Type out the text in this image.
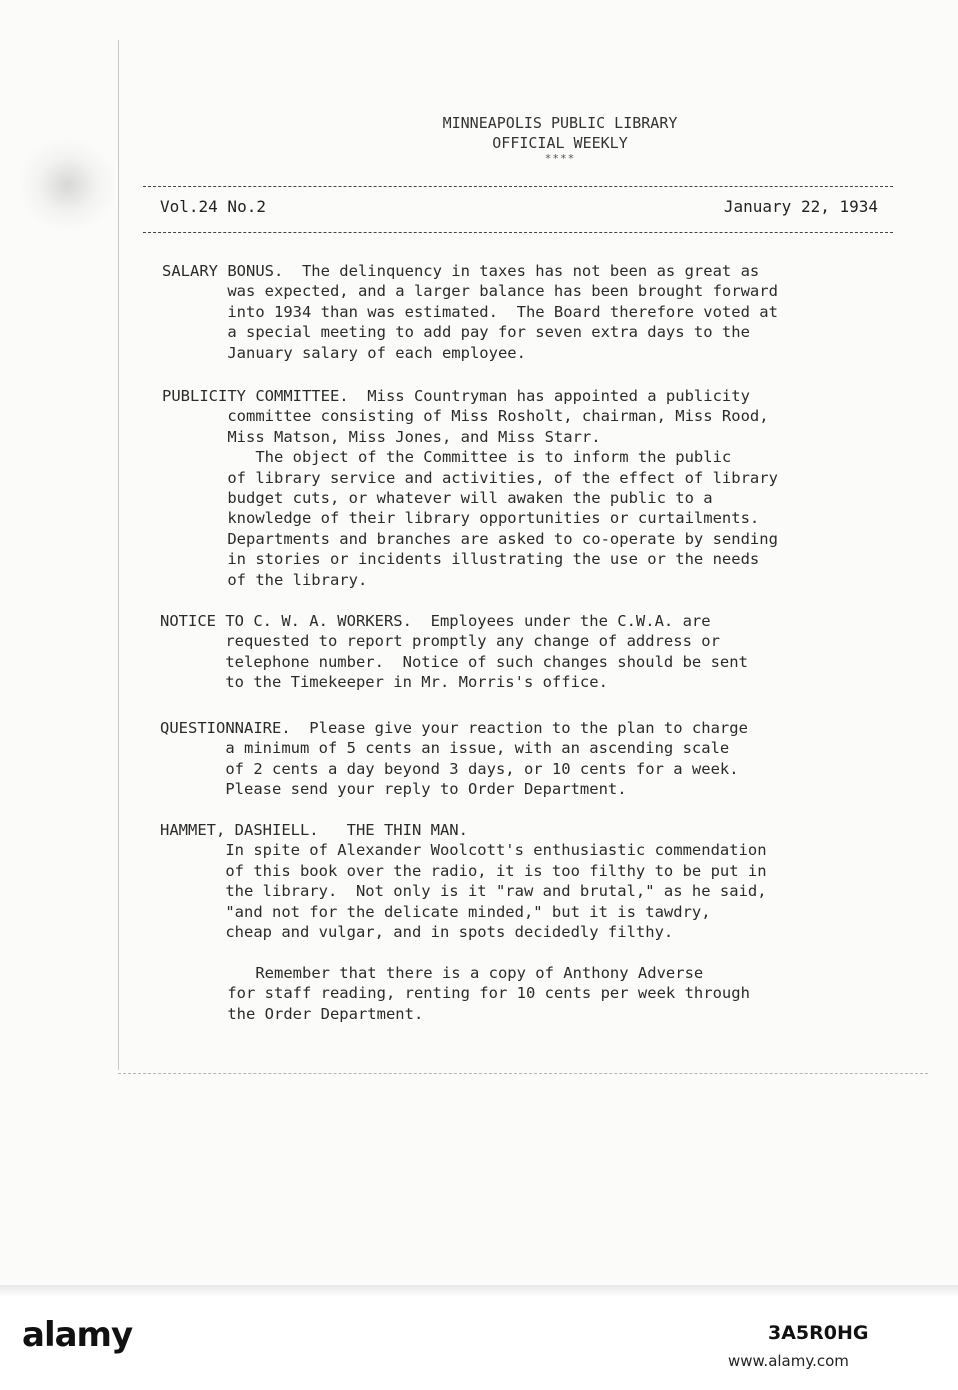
MINNEAPOLIS PUBLIC LIBRARY
OFFICIAL WEEKLY
****
Vol.24 No.2	January 22, 1934
SALARY BONUS.  The delinquency in taxes has not been as great as
was expected, and a larger balance has been brought forward
into 1934 than was estimated.  The Board therefore voted at
a special meeting to add pay for seven extra days to the
January salary of each employee.
PUBLICITY COMMITTEE.  Miss Countryman has appointed a publicity
committee consisting of Miss Rosholt, chairman, Miss Rood,
Miss Matson, Miss Jones, and Miss Starr.
The object of the Committee is to inform the public
of library service and activities, of the effect of library
budget cuts, or whatever will awaken the public to a
knowledge of their library opportunities or curtailments.
Departments and branches are asked to co-operate by sending
in stories or incidents illustrating the use or the needs
of the library.
NOTICE TO C. W. A. WORKERS.  Employees under the C.W.A. are
requested to report promptly any change of address or
telephone number.  Notice of such changes should be sent
to the Timekeeper in Mr. Morris's office.
QUESTIONNAIRE.  Please give your reaction to the plan to charge
a minimum of 5 cents an issue, with an ascending scale
of 2 cents a day beyond 3 days, or 10 cents for a week.
Please send your reply to Order Department.
HAMMET, DASHIELL.   THE THIN MAN.
In spite of Alexander Woolcott's enthusiastic commendation
of this book over the radio, it is too filthy to be put in
the library.  Not only is it "raw and brutal," as he said,
"and not for the delicate minded," but it is tawdry,
cheap and vulgar, and in spots decidedly filthy.
Remember that there is a copy of Anthony Adverse
for staff reading, renting for 10 cents per week through
the Order Department.
alamy	3A5R0HG
www.alamy.com
